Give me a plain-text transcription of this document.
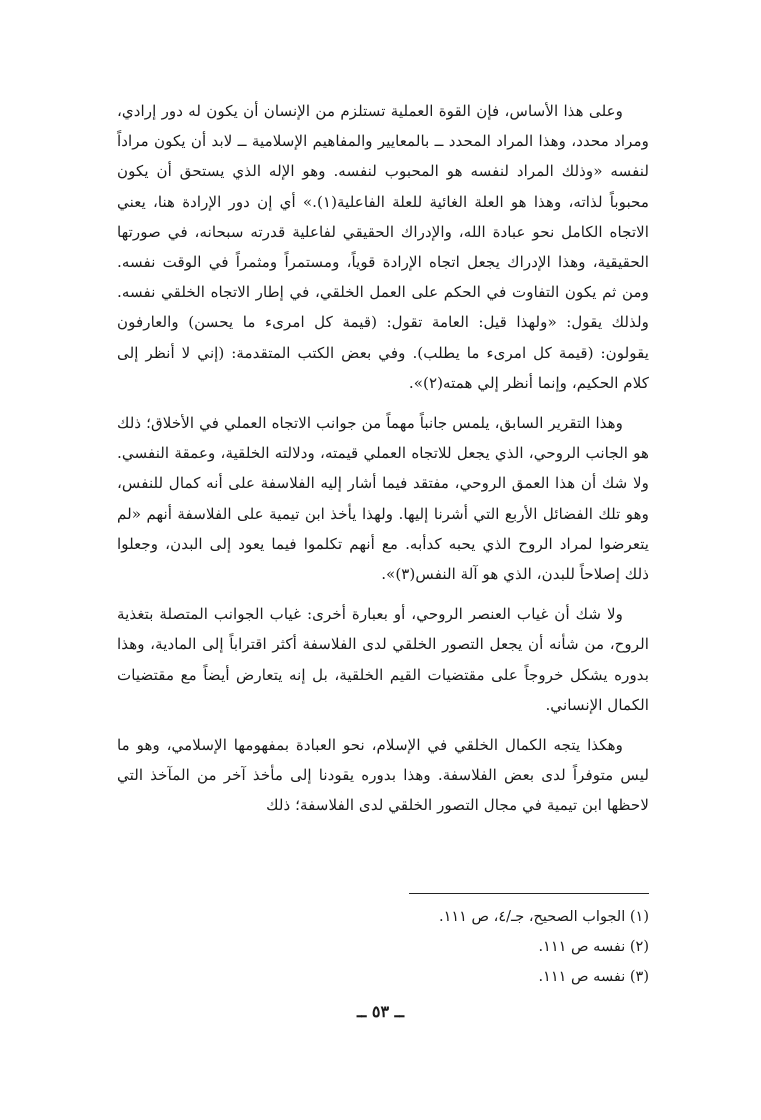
وعلى هذا الأساس، فإن القوة العملية تستلزم من الإنسان أن يكون له دور إرادي، ومراد محدد، وهذا المراد المحدد ــ بالمعايير والمفاهيم الإسلامية ــ لابد أن يكون مراداً لنفسه «وذلك المراد لنفسه هو المحبوب لنفسه. وهو الإله الذي يستحق أن يكون محبوباً لذاته، وهذا هو العلة الغائية للعلة الفاعلية(١).» أي إن دور الإرادة هنا، يعني الاتجاه الكامل نحو عبادة الله، والإدراك الحقيقي لفاعلية قدرته سبحانه، في صورتها الحقيقية، وهذا الإدراك يجعل اتجاه الإرادة قوياً، ومستمراً ومثمراً في الوقت نفسه. ومن ثم يكون التفاوت في الحكم على العمل الخلقي، في إطار الاتجاه الخلقي نفسه. ولذلك يقول: «ولهذا قيل: العامة تقول: (قيمة كل امرىء ما يحسن) والعارفون يقولون: (قيمة كل امرىء ما يطلب). وفي بعض الكتب المتقدمة: (إني لا أنظر إلى كلام الحكيم، وإنما أنظر إلي همته(٢)».

وهذا التقرير السابق، يلمس جانباً مهماً من جوانب الاتجاه العملي في الأخلاق؛ ذلك هو الجانب الروحي، الذي يجعل للاتجاه العملي قيمته، ودلالته الخلقية، وعمقة النفسي. ولا شك أن هذا العمق الروحي، مفتقد فيما أشار إليه الفلاسفة على أنه كمال للنفس، وهو تلك الفضائل الأربع التي أشرنا إليها. ولهذا يأخذ ابن تيمية على الفلاسفة أنهم «لم يتعرضوا لمراد الروح الذي يحبه كدأبه. مع أنهم تكلموا فيما يعود إلى البدن، وجعلوا ذلك إصلاحاً للبدن، الذي هو آلة النفس(٣)».

ولا شك أن غياب العنصر الروحي، أو بعبارة أخرى: غياب الجوانب المتصلة بتغذية الروح، من شأنه أن يجعل التصور الخلقي لدى الفلاسفة أكثر اقتراباً إلى المادية، وهذا بدوره يشكل خروجاً على مقتضيات القيم الخلقية، بل إنه يتعارض أيضاً مع مقتضيات الكمال الإنساني.

وهكذا يتجه الكمال الخلقي في الإسلام، نحو العبادة بمفهومها الإسلامي، وهو ما ليس متوفراً لدى بعض الفلاسفة. وهذا بدوره يقودنا إلى مأخذ آخر من المآخذ التي لاحظها ابن تيمية في مجال التصور الخلقي لدى الفلاسفة؛ ذلك

(١) الجواب الصحيح، جـ/٤، ص ١١١.

(٢) نفسه ص ١١١.

(٣) نفسه ص ١١١.

ــ ٥٣ ــ
